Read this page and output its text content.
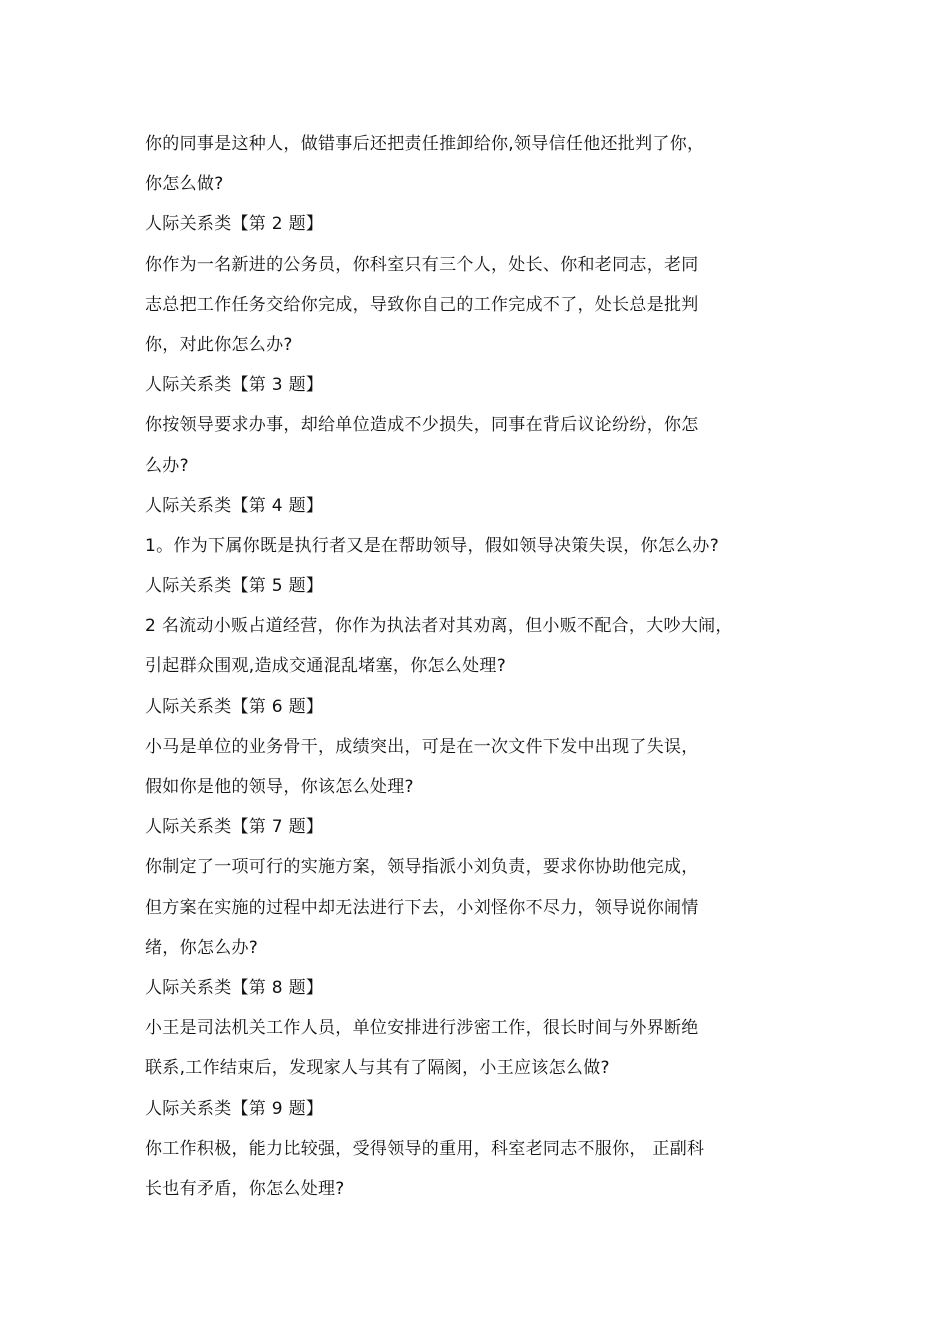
你的同事是这种人，做错事后还把责任推卸给你,领导信任他还批判了你，
你怎么做?
人际关系类【第 2 题】
你作为一名新进的公务员，你科室只有三个人，处长、你和老同志，老同
志总把工作任务交给你完成，导致你自己的工作完成不了，处长总是批判
你，对此你怎么办?
人际关系类【第 3 题】
你按领导要求办事，却给单位造成不少损失，同事在背后议论纷纷，你怎
么办?
人际关系类【第 4 题】
1。作为下属你既是执行者又是在帮助领导，假如领导决策失误，你怎么办?
人际关系类【第 5 题】
2 名流动小贩占道经营，你作为执法者对其劝离，但小贩不配合，大吵大闹，
引起群众围观,造成交通混乱堵塞，你怎么处理?
人际关系类【第 6 题】
小马是单位的业务骨干，成绩突出，可是在一次文件下发中出现了失误，
假如你是他的领导，你该怎么处理?
人际关系类【第 7 题】
你制定了一项可行的实施方案，领导指派小刘负责，要求你协助他完成，
但方案在实施的过程中却无法进行下去，小刘怪你不尽力，领导说你闹情
绪，你怎么办?
人际关系类【第 8 题】
小王是司法机关工作人员，单位安排进行涉密工作，很长时间与外界断绝
联系,工作结束后，发现家人与其有了隔阂，小王应该怎么做?
人际关系类【第 9 题】
你工作积极，能力比较强，受得领导的重用，科室老同志不服你， 正副科
长也有矛盾，你怎么处理?
